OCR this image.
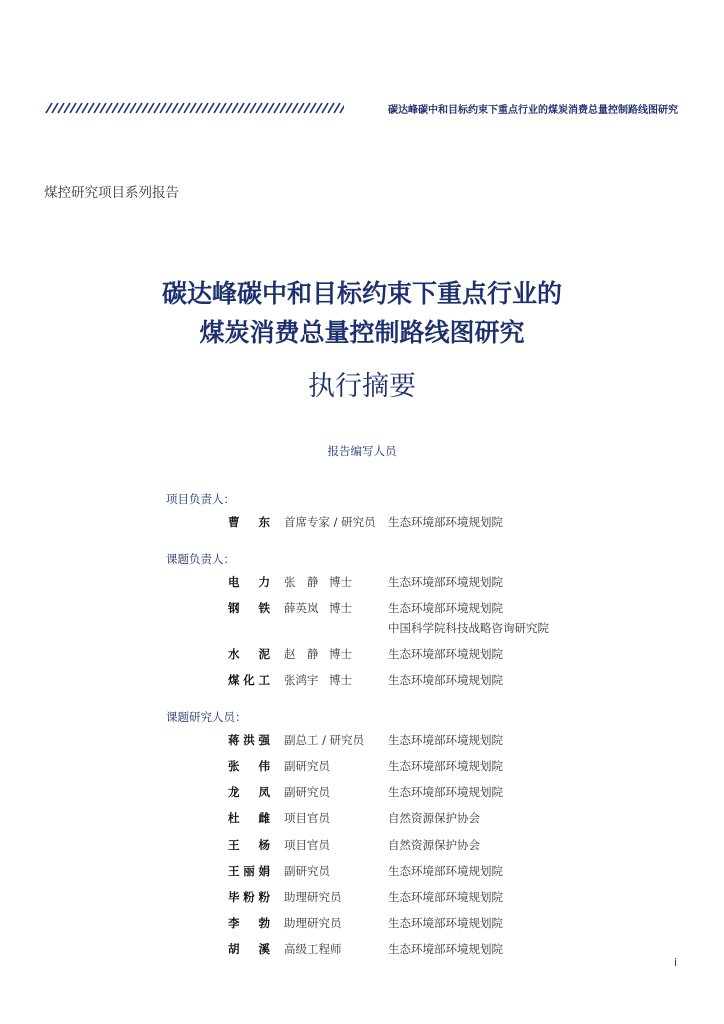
碳达峰碳中和目标约束下重点行业的煤炭消费总量控制路线图研究
煤控研究项目系列报告
碳达峰碳中和目标约束下重点行业的
煤炭消费总量控制路线图研究
执行摘要
报告编写人员
项目负责人：
曹　东 首席专家 / 研究员 生态环境部环境规划院
课题负责人：
电　力 张　静 博士	生态环境部环境规划院
钢　铁 薛英岚 博士	生态环境部环境规划院
中国科学院科技战略咨询研究院
水　泥 赵　静 博士	生态环境部环境规划院
煤化工 张鸿宇 博士	生态环境部环境规划院
课题研究人员：
蒋洪强 副总工 / 研究员 生态环境部环境规划院
张　伟 副研究员	生态环境部环境规划院
龙　凤 副研究员	生态环境部环境规划院
杜　雌 项目官员	自然资源保护协会
王　杨 项目官员	自然资源保护协会
王丽娟 副研究员	生态环境部环境规划院
毕粉粉 助理研究员	生态环境部环境规划院
李　勃 助理研究员	生态环境部环境规划院
胡　溪 高级工程师	生态环境部环境规划院
i
